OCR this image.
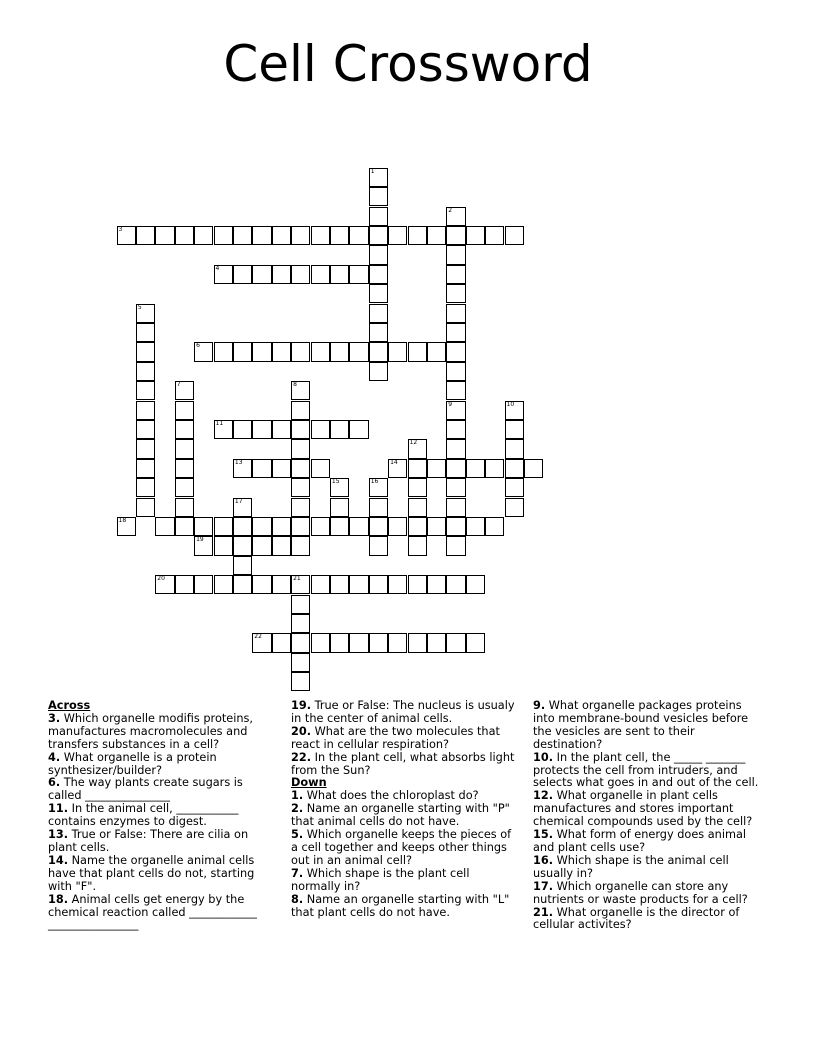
Cell Crossword
1
2
3
4
5
6
7	8
9	10
11
12
13	14
15	16
17
18
19
20	21
22
Across
3. Which organelle modifis proteins, manufactures macromolecules and transfers substances in a cell?
4. What organelle is a protein synthesizer/builder?
6. The way plants create sugars is called _______________
11. In the animal cell, ___________ contains enzymes to digest.
13. True or False: There are cilia on plant cells.
14. Name the organelle animal cells have that plant cells do not, starting with "F".
18. Animal cells get energy by the chemical reaction called ____________ ________________
19. True or False: The nucleus is usualy in the center of animal cells.
20. What are the two molecules that react in cellular respiration?
22. In the plant cell, what absorbs light from the Sun?
Down
1. What does the chloroplast do?
2. Name an organelle starting with "P" that animal cells do not have.
5. Which organelle keeps the pieces of a cell together and keeps other things out in an animal cell?
7. Which shape is the plant cell normally in?
8. Name an organelle starting with "L" that plant cells do not have.
9. What organelle packages proteins into membrane-bound vesicles before the vesicles are sent to their destination?
10. In the plant cell, the _____ _______ protects the cell from intruders, and selects what goes in and out of the cell.
12. What organelle in plant cells manufactures and stores important chemical compounds used by the cell?
15. What form of energy does animal and plant cells use?
16. Which shape is the animal cell usually in?
17. Which organelle can store any nutrients or waste products for a cell?
21. What organelle is the director of cellular activites?
